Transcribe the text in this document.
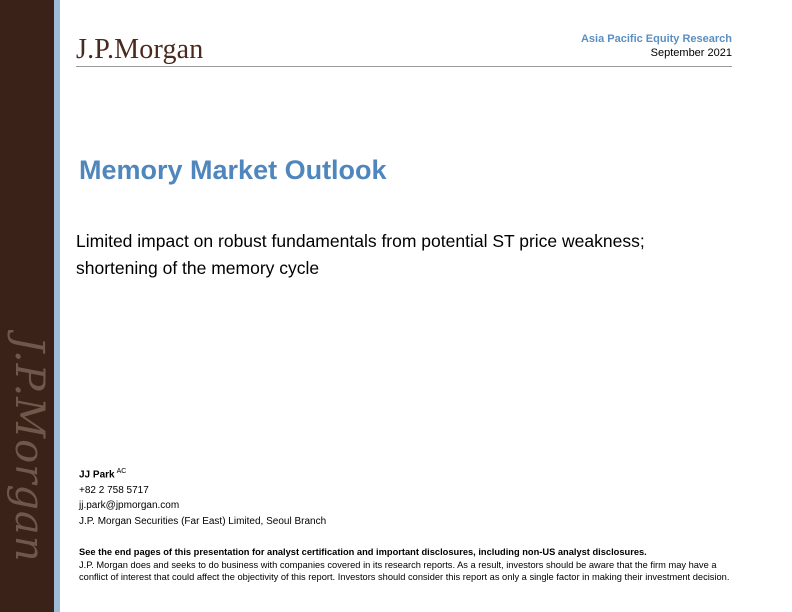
J.P.Morgan
J.P.Morgan	Asia Pacific Equity Research
September 2021
Memory Market Outlook
Limited impact on robust fundamentals from potential ST price weakness;
shortening of the memory cycle
JJ Park $^{AC}$
+82 2 758 5717
jj.park@jpmorgan.com
J.P. Morgan Securities (Far East) Limited, Seoul Branch
See the end pages of this presentation for analyst certification and important disclosures, including non-US analyst disclosures.
J.P. Morgan does and seeks to do business with companies covered in its research reports. As a result, investors should be aware that the firm may have a conflict of interest that could affect the objectivity of this report. Investors should consider this report as only a single factor in making their investment decision.
